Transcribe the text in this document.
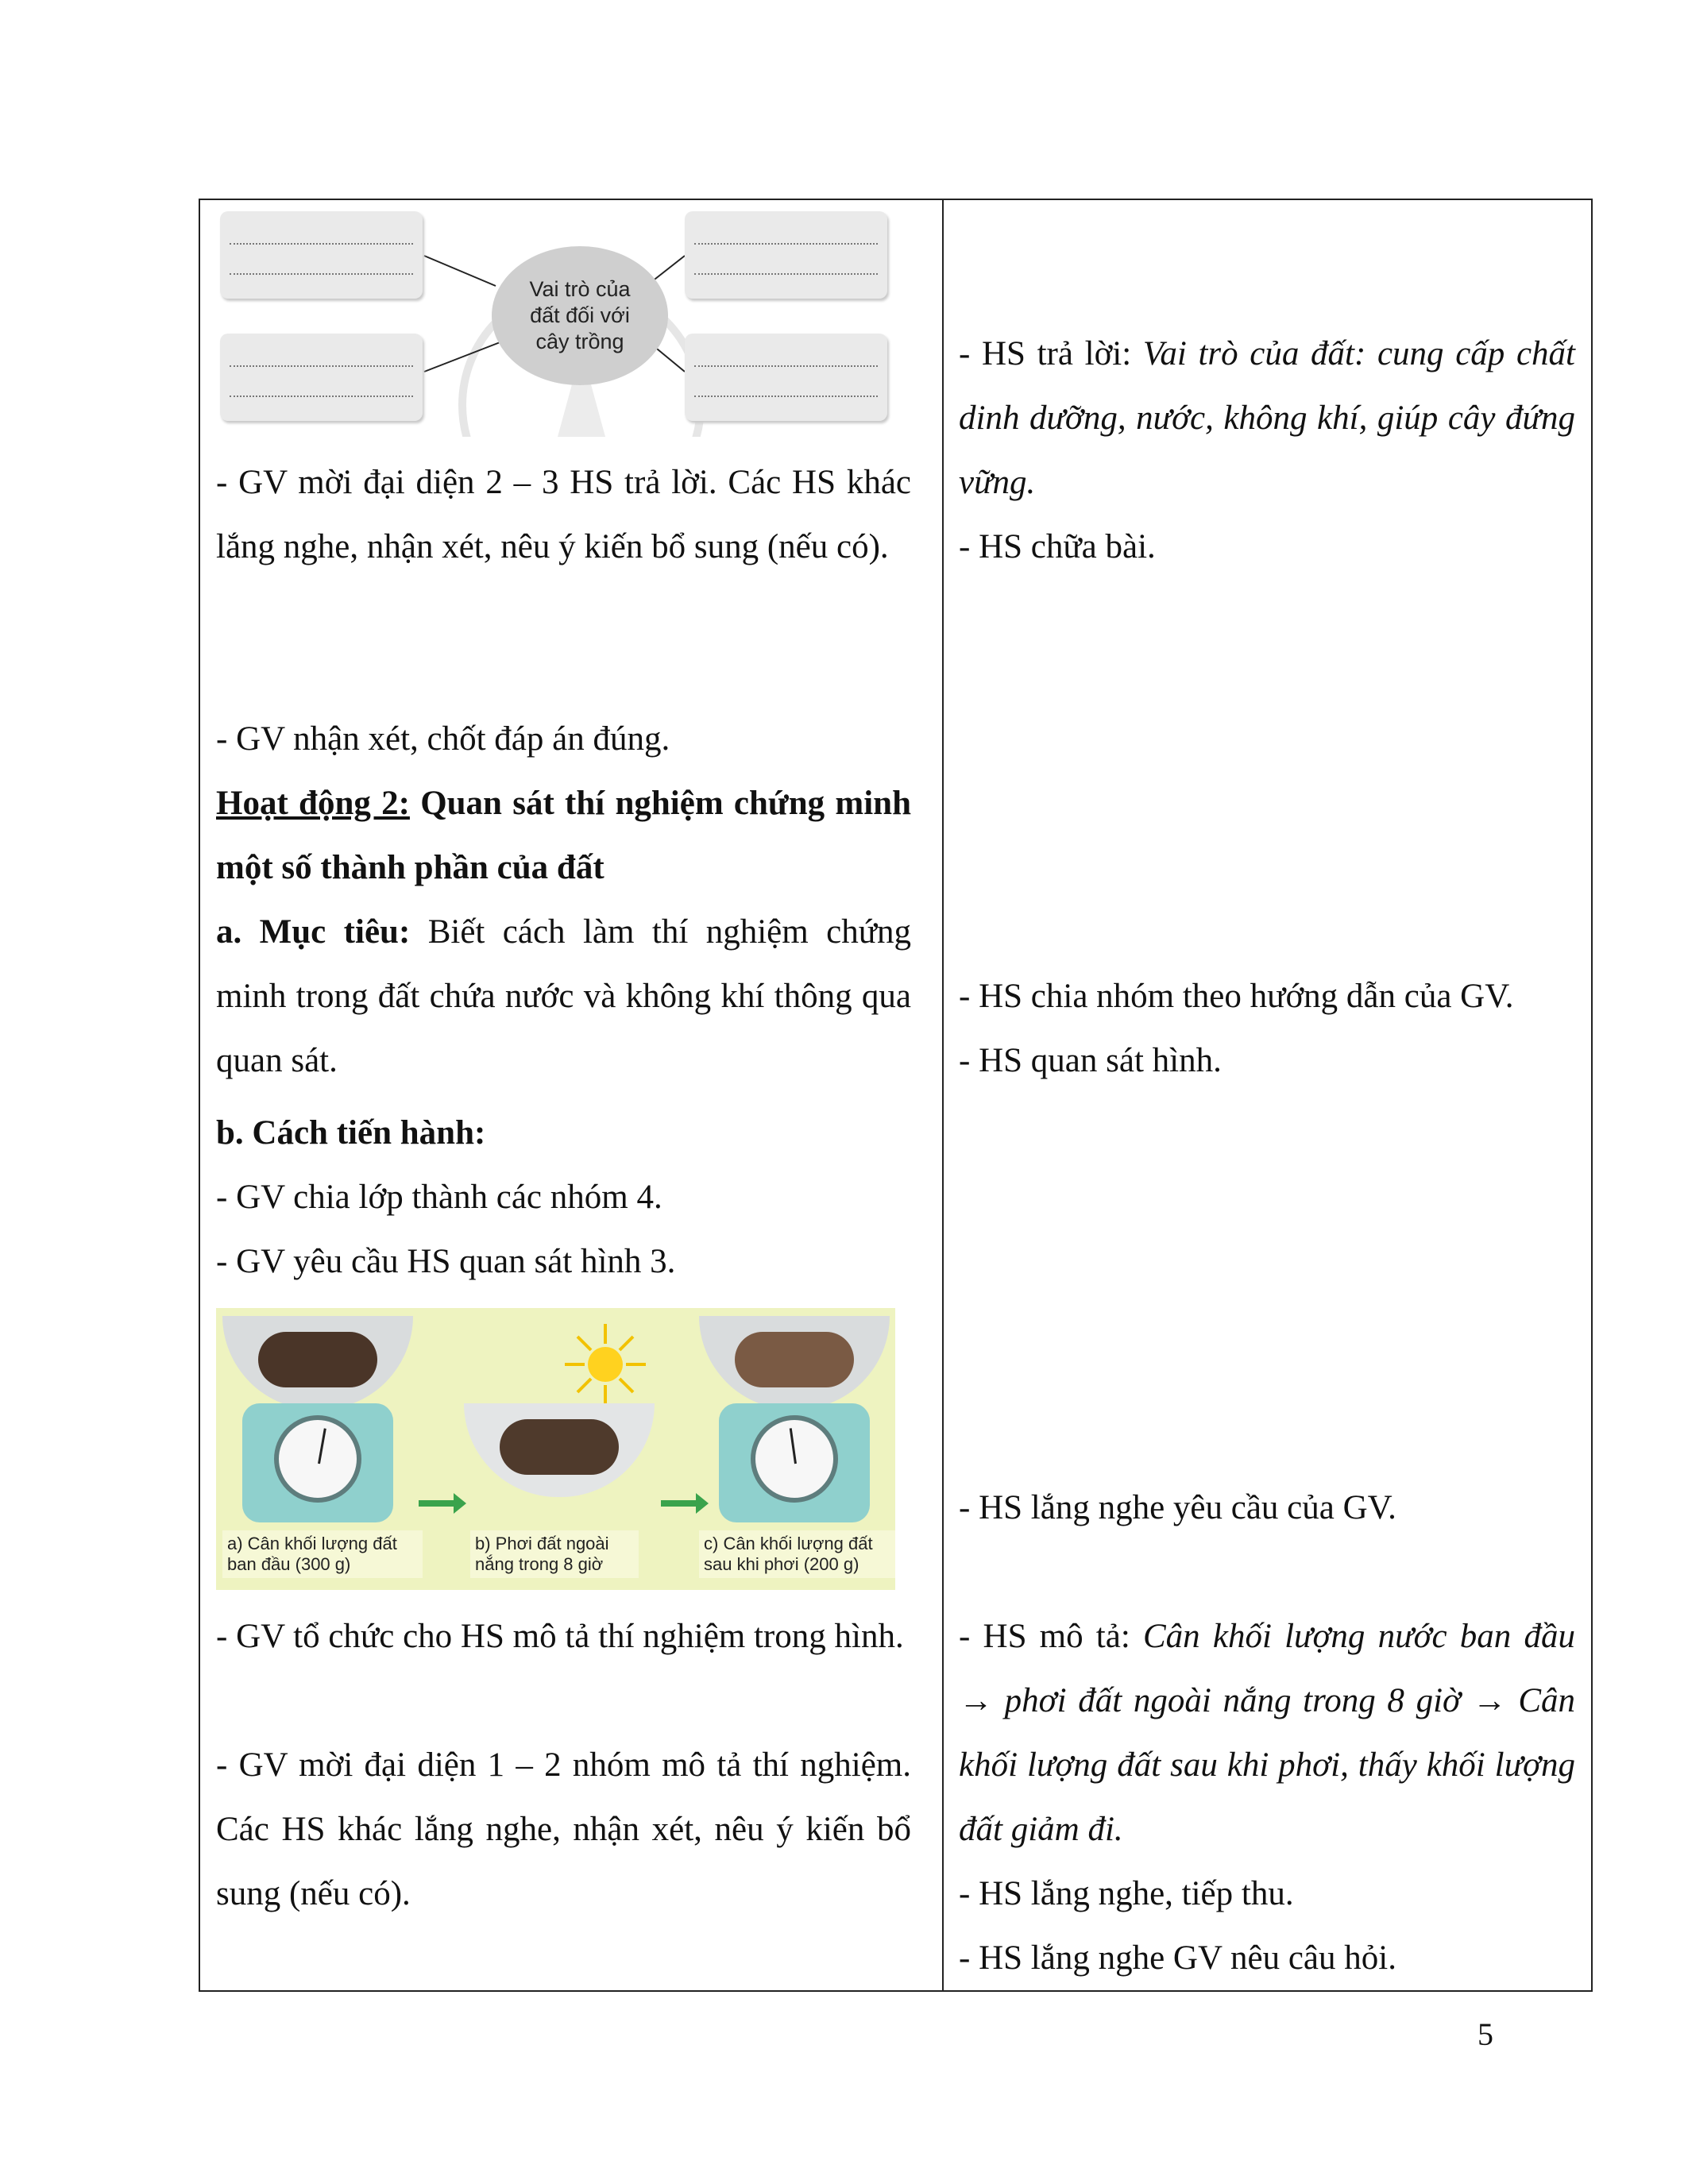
Vai trò của đất đối với cây trồng

- GV mời đại diện 2 – 3 HS trả lời. Các HS khác lắng nghe, nhận xét, nêu ý kiến bổ sung (nếu có).

- GV nhận xét, chốt đáp án đúng.

Hoạt động 2: Quan sát thí nghiệm chứng minh một số thành phần của đất

a. Mục tiêu: Biết cách làm thí nghiệm chứng minh trong đất chứa nước và không khí thông qua quan sát.

b. Cách tiến hành:

- GV chia lớp thành các nhóm 4.

- GV yêu cầu HS quan sát hình 3.

a) Cân khối lượng đất ban đầu (300 g)
b) Phơi đất ngoài nắng trong 8 giờ
c) Cân khối lượng đất sau khi phơi (200 g)

- GV tổ chức cho HS mô tả thí nghiệm trong hình.

- GV mời đại diện 1 – 2 nhóm mô tả thí nghiệm. Các HS khác lắng nghe, nhận xét, nêu ý kiến bổ sung (nếu có).

- HS trả lời: Vai trò của đất: cung cấp chất dinh dưỡng, nước, không khí, giúp cây đứng vững.

- HS chữa bài.

- HS chia nhóm theo hướng dẫn của GV.

- HS quan sát hình.

- HS lắng nghe yêu cầu của GV.

- HS mô tả: Cân khối lượng nước ban đầu → phơi đất ngoài nắng trong 8 giờ → Cân khối lượng đất sau khi phơi, thấy khối lượng đất giảm đi.

- HS lắng nghe, tiếp thu.

- HS lắng nghe GV nêu câu hỏi.

5
